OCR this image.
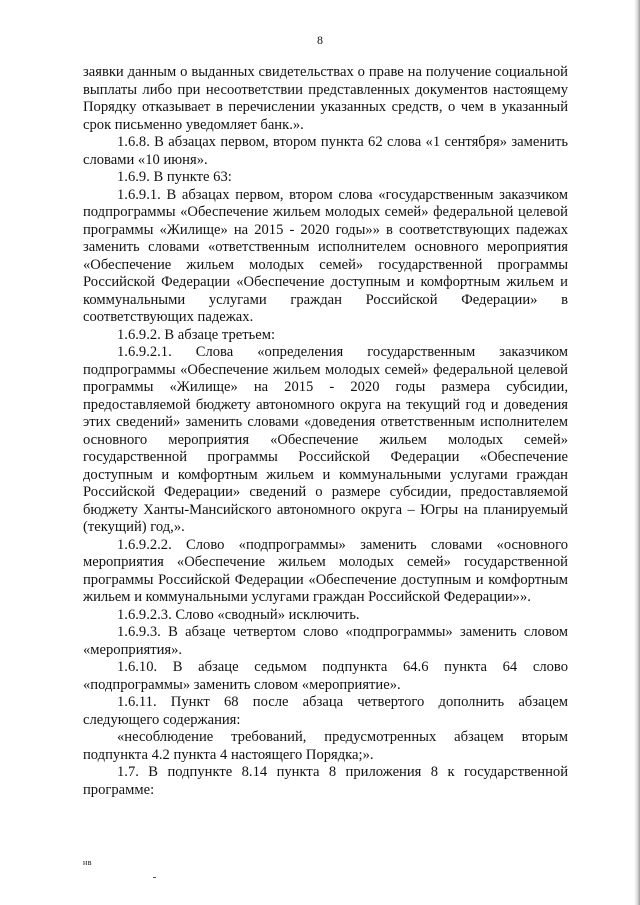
8

заявки данным о выданных свидетельствах о праве на получение социальной выплаты либо при несоответствии представленных документов настоящему Порядку отказывает в перечислении указанных средств, о чем в указанный срок письменно уведомляет банк.».

1.6.8. В абзацах первом, втором пункта 62 слова «1 сентября» заменить словами «10 июня».

1.6.9. В пункте 63:

1.6.9.1. В абзацах первом, втором слова «государственным заказчиком подпрограммы «Обеспечение жильем молодых семей» федеральной целевой программы «Жилище» на 2015 - 2020 годы»» в соответствующих падежах заменить словами «ответственным исполнителем основного мероприятия «Обеспечение жильем молодых семей» государственной программы Российской Федерации «Обеспечение доступным и комфортным жильем и коммунальными услугами граждан Российской Федерации» в соответствующих падежах.

1.6.9.2. В абзаце третьем:

1.6.9.2.1. Слова «определения государственным заказчиком подпрограммы «Обеспечение жильем молодых семей» федеральной целевой программы «Жилище» на 2015 - 2020 годы размера субсидии, предоставляемой бюджету автономного округа на текущий год и доведения этих сведений» заменить словами «доведения ответственным исполнителем основного мероприятия «Обеспечение жильем молодых семей» государственной программы Российской Федерации «Обеспечение доступным и комфортным жильем и коммунальными услугами граждан Российской Федерации» сведений о размере субсидии, предоставляемой бюджету Ханты-Мансийского автономного округа – Югры на планируемый (текущий) год,».

1.6.9.2.2. Слово «подпрограммы» заменить словами «основного мероприятия «Обеспечение жильем молодых семей» государственной программы Российской Федерации «Обеспечение доступным и комфортным жильем и коммунальными услугами граждан Российской Федерации»».

1.6.9.2.3. Слово «сводный» исключить.

1.6.9.3. В абзаце четвертом слово «подпрограммы» заменить словом «мероприятия».

1.6.10. В абзаце седьмом подпункта 64.6 пункта 64 слово «подпрограммы» заменить словом «мероприятие».

1.6.11. Пункт 68 после абзаца четвертого дополнить абзацем следующего содержания:

«несоблюдение требований, предусмотренных абзацем вторым подпункта 4.2 пункта 4 настоящего Порядка;».

1.7. В подпункте 8.14 пункта 8 приложения 8 к государственной программе:

нв
